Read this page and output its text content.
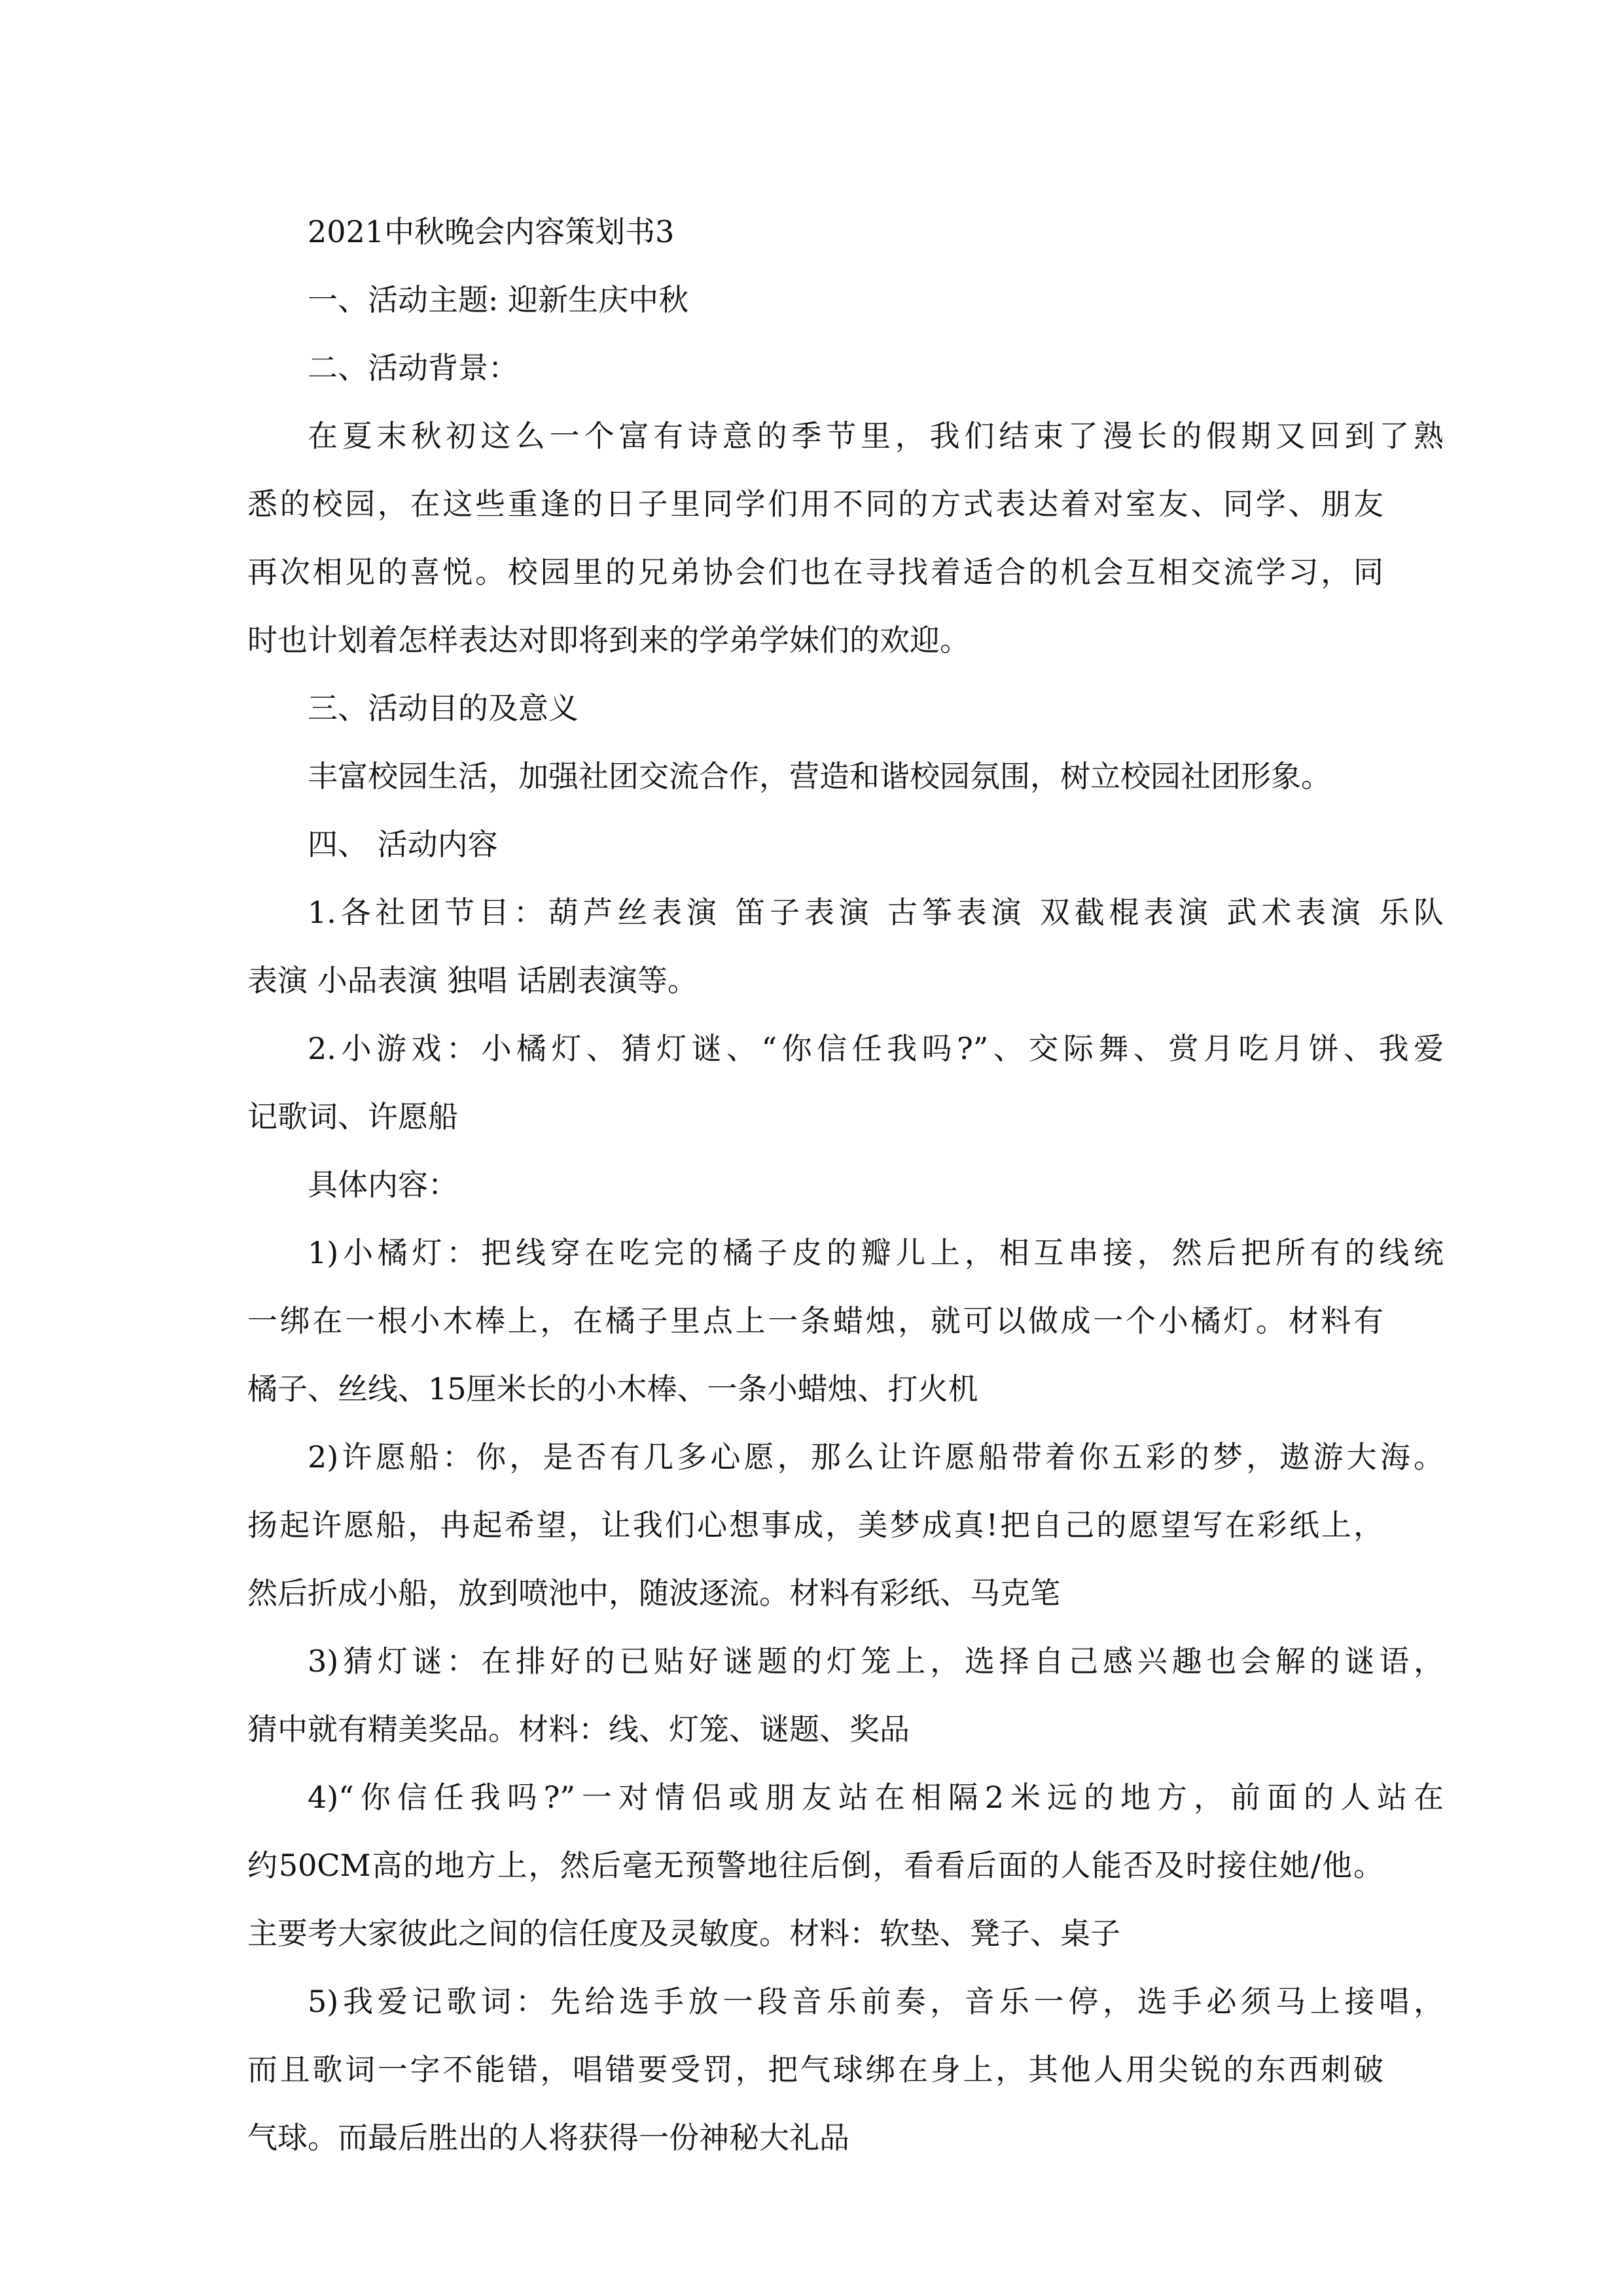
2021中秋晚会内容策划书3
一、活动主题: 迎新生庆中秋
二、活动背景：
在夏末秋初这么一个富有诗意的季节里，我们结束了漫长的假期又回到了熟
悉的校园，在这些重逢的日子里同学们用不同的方式表达着对室友、同学、朋友
再次相见的喜悦。校园里的兄弟协会们也在寻找着适合的机会互相交流学习，同
时也计划着怎样表达对即将到来的学弟学妹们的欢迎。
三、活动目的及意义
丰富校园生活，加强社团交流合作，营造和谐校园氛围，树立校园社团形象。
四、 活动内容
1.各社团节目：葫芦丝表演 笛子表演 古筝表演 双截棍表演 武术表演 乐队
表演 小品表演 独唱 话剧表演等。
2.小游戏：小橘灯、猜灯谜、“你信任我吗?”、交际舞、赏月吃月饼、我爱
记歌词、许愿船
具体内容：
1)小橘灯：把线穿在吃完的橘子皮的瓣儿上，相互串接，然后把所有的线统
一绑在一根小木棒上，在橘子里点上一条蜡烛，就可以做成一个小橘灯。材料有
橘子、丝线、15厘米长的小木棒、一条小蜡烛、打火机
2)许愿船：你，是否有几多心愿，那么让许愿船带着你五彩的梦，遨游大海。
扬起许愿船，冉起希望，让我们心想事成，美梦成真!把自己的愿望写在彩纸上，
然后折成小船，放到喷池中，随波逐流。材料有彩纸、马克笔
3)猜灯谜：在排好的已贴好谜题的灯笼上，选择自己感兴趣也会解的谜语，
猜中就有精美奖品。材料：线、灯笼、谜题、奖品
4)“你信任我吗?”一对情侣或朋友站在相隔2米远的地方，前面的人站在
约50CM高的地方上，然后毫无预警地往后倒，看看后面的人能否及时接住她/他。
主要考大家彼此之间的信任度及灵敏度。材料：软垫、凳子、桌子
5)我爱记歌词：先给选手放一段音乐前奏，音乐一停，选手必须马上接唱，
而且歌词一字不能错，唱错要受罚，把气球绑在身上，其他人用尖锐的东西刺破
气球。而最后胜出的人将获得一份神秘大礼品
